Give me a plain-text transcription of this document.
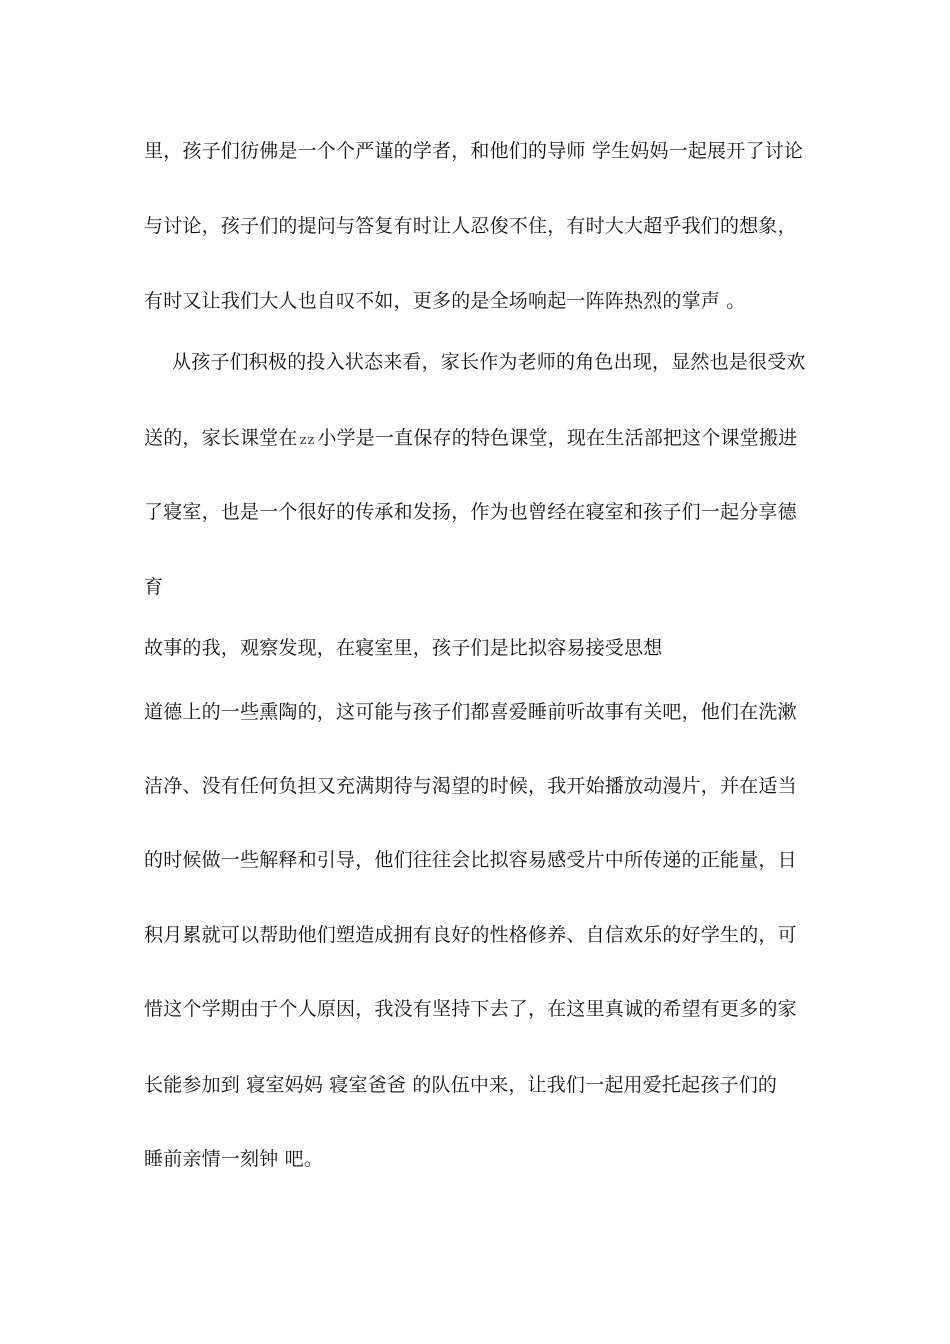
里，孩子们彷佛是一个个严谨的学者，和他们的导师 学生妈妈一起展开了讨论
与讨论，孩子们的提问与答复有时让人忍俊不住，有时大大超乎我们的想象，
有时又让我们大人也自叹不如，更多的是全场响起一阵阵热烈的掌声 。
从孩子们积极的投入状态来看，家长作为老师的角色出现，显然也是很受欢
送的，家长课堂在 zz 小学是一直保存的特色课堂，现在生活部把这个课堂搬进
了寝室，也是一个很好的传承和发扬，作为也曾经在寝室和孩子们一起分享德
育
故事的我，观察发现，在寝室里，孩子们是比拟容易接受思想
道德上的一些熏陶的，这可能与孩子们都喜爱睡前听故事有关吧，他们在洗漱
洁净、没有任何负担又充满期待与渴望的时候，我开始播放动漫片，并在适当
的时候做一些解释和引导，他们往往会比拟容易感受片中所传递的正能量，日
积月累就可以帮助他们塑造成拥有良好的性格修养、自信欢乐的好学生的，可
惜这个学期由于个人原因，我没有坚持下去了，在这里真诚的希望有更多的家
长能参加到 寝室妈妈 寝室爸爸 的队伍中来，让我们一起用爱托起孩子们的
睡前亲情一刻钟 吧。
